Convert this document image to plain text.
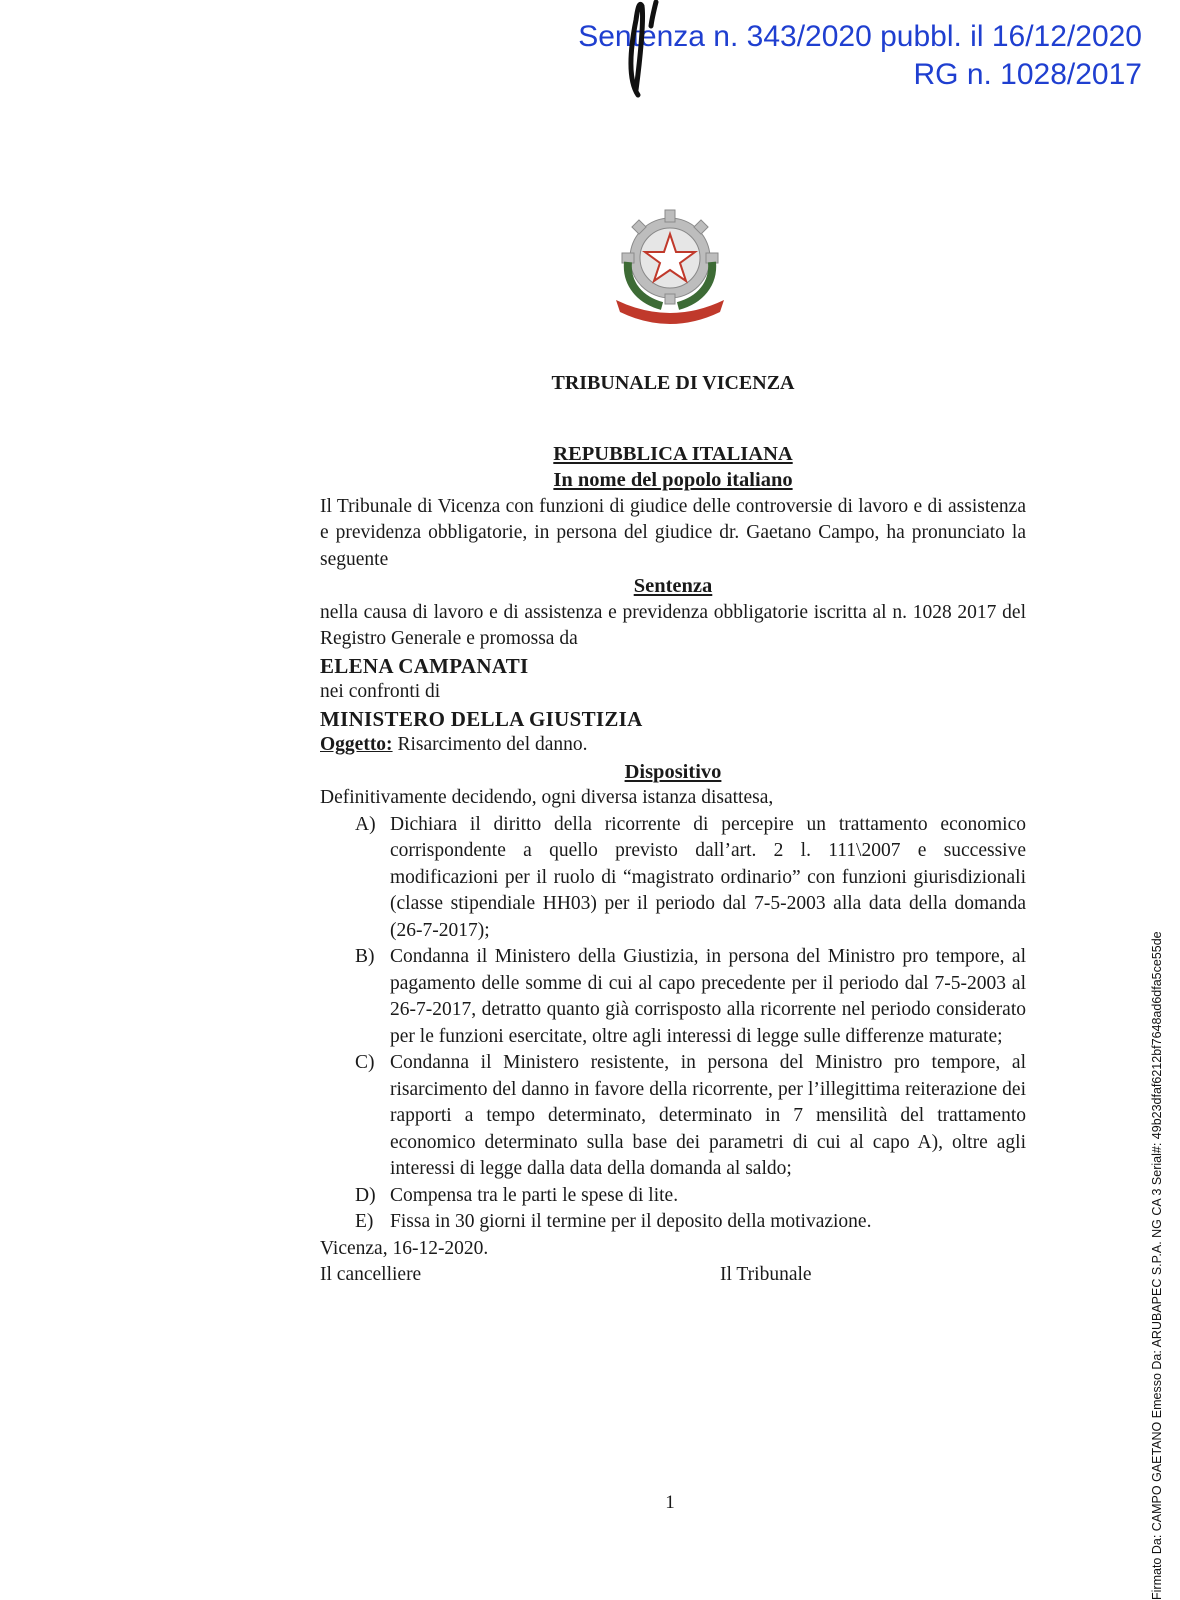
Sentenza n. 343/2020 pubbl. il 16/12/2020
RG n. 1028/2017
TRIBUNALE DI VICENZA
REPUBBLICA ITALIANA
In nome del popolo italiano
Il Tribunale di Vicenza con funzioni di giudice delle controversie di lavoro e di assistenza e previdenza obbligatorie, in persona del giudice dr. Gaetano Campo, ha pronunciato la seguente
Sentenza
nella causa di lavoro e di assistenza e previdenza obbligatorie iscritta al n. 1028 2017 del Registro Generale e promossa da
ELENA CAMPANATI
nei confronti di
MINISTERO DELLA GIUSTIZIA
Oggetto: Risarcimento del danno.
Dispositivo
Definitivamente decidendo, ogni diversa istanza disattesa,
A) Dichiara il diritto della ricorrente di percepire un trattamento economico corrispondente a quello previsto dall’art. 2 l. 111\2007 e successive modificazioni per il ruolo di “magistrato ordinario” con funzioni giurisdizionali (classe stipendiale HH03) per il periodo dal 7-5-2003 alla data della domanda (26-7-2017);
B) Condanna il Ministero della Giustizia, in persona del Ministro pro tempore, al pagamento delle somme di cui al capo precedente per il periodo dal 7-5-2003 al 26-7-2017, detratto quanto già corrisposto alla ricorrente nel periodo considerato per le funzioni esercitate, oltre agli interessi di legge sulle differenze maturate;
C) Condanna il Ministero resistente, in persona del Ministro pro tempore, al risarcimento del danno in favore della ricorrente, per l’illegittima reiterazione dei rapporti a tempo determinato, determinato in 7 mensilità del trattamento economico determinato sulla base dei parametri di cui al capo A), oltre agli interessi di legge dalla data della domanda al saldo;
D) Compensa tra le parti le spese di lite.
E) Fissa in 30 giorni il termine per il deposito della motivazione.
Vicenza, 16-12-2020.
Il cancelliere	Il Tribunale
1	Firmato Da: CAMPO GAETANO Emesso Da: ARUBAPEC S.P.A. NG CA 3 Serial#: 49b23dfaf6212bf7648ad6dfa5ce55de
